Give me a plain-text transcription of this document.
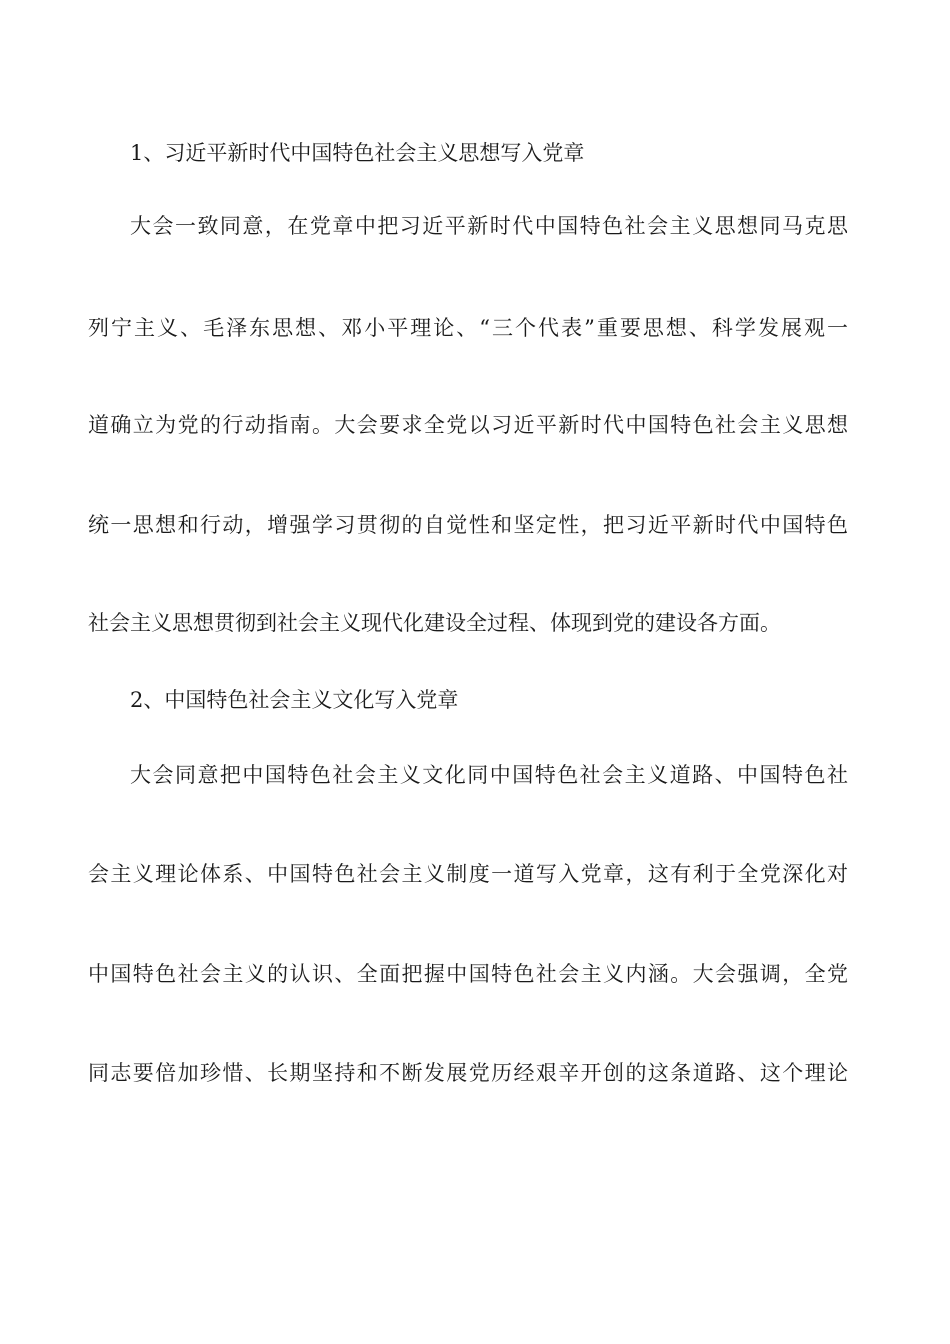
1、习近平新时代中国特色社会主义思想写入党章
大会一致同意，在党章中把习近平新时代中国特色社会主义思想同马克思
列宁主义、毛泽东思想、邓小平理论、“三个代表”重要思想、科学发展观一
道确立为党的行动指南。大会要求全党以习近平新时代中国特色社会主义思想
统一思想和行动，增强学习贯彻的自觉性和坚定性，把习近平新时代中国特色
社会主义思想贯彻到社会主义现代化建设全过程、体现到党的建设各方面。
2、中国特色社会主义文化写入党章
大会同意把中国特色社会主义文化同中国特色社会主义道路、中国特色社
会主义理论体系、中国特色社会主义制度一道写入党章，这有利于全党深化对
中国特色社会主义的认识、全面把握中国特色社会主义内涵。大会强调，全党
同志要倍加珍惜、长期坚持和不断发展党历经艰辛开创的这条道路、这个理论
